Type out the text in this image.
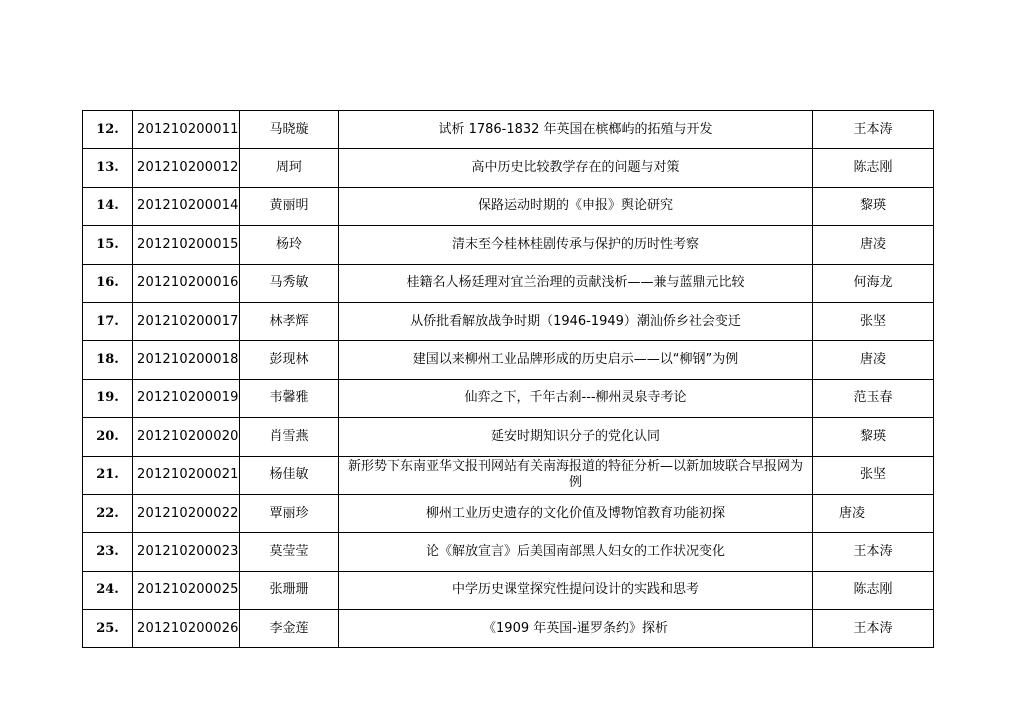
12.	201210200011	马晓璇	试析 1786-1832 年英国在槟榔屿的拓殖与开发	王本涛
13.	201210200012	周珂	高中历史比较教学存在的问题与对策	陈志刚
14.	201210200014	黄丽明	保路运动时期的《申报》舆论研究	黎瑛
15.	201210200015	杨玲	清末至今桂林桂剧传承与保护的历时性考察	唐凌
16.	201210200016	马秀敏	桂籍名人杨廷理对宜兰治理的贡献浅析——兼与蓝鼎元比较	何海龙
17.	201210200017	林孝辉	从侨批看解放战争时期（1946-1949）潮汕侨乡社会变迁	张坚
18.	201210200018	彭现林	建国以来柳州工业品牌形成的历史启示——以“柳钢”为例	唐凌
19.	201210200019	韦馨雅	仙弈之下，千年古刹---柳州灵泉寺考论	范玉春
20.	201210200020	肖雪燕	延安时期知识分子的党化认同	黎瑛
21.	201210200021	杨佳敏	新形势下东南亚华文报刊网站有关南海报道的特征分析—以新加坡联合早报网为例	张坚
22.	201210200022	覃丽珍	柳州工业历史遗存的文化价值及博物馆教育功能初探	唐凌
23.	201210200023	莫莹莹	论《解放宣言》后美国南部黑人妇女的工作状况变化	王本涛
24.	201210200025	张珊珊	中学历史课堂探究性提问设计的实践和思考	陈志刚
25.	201210200026	李金莲	《1909 年英国-暹罗条约》探析	王本涛
